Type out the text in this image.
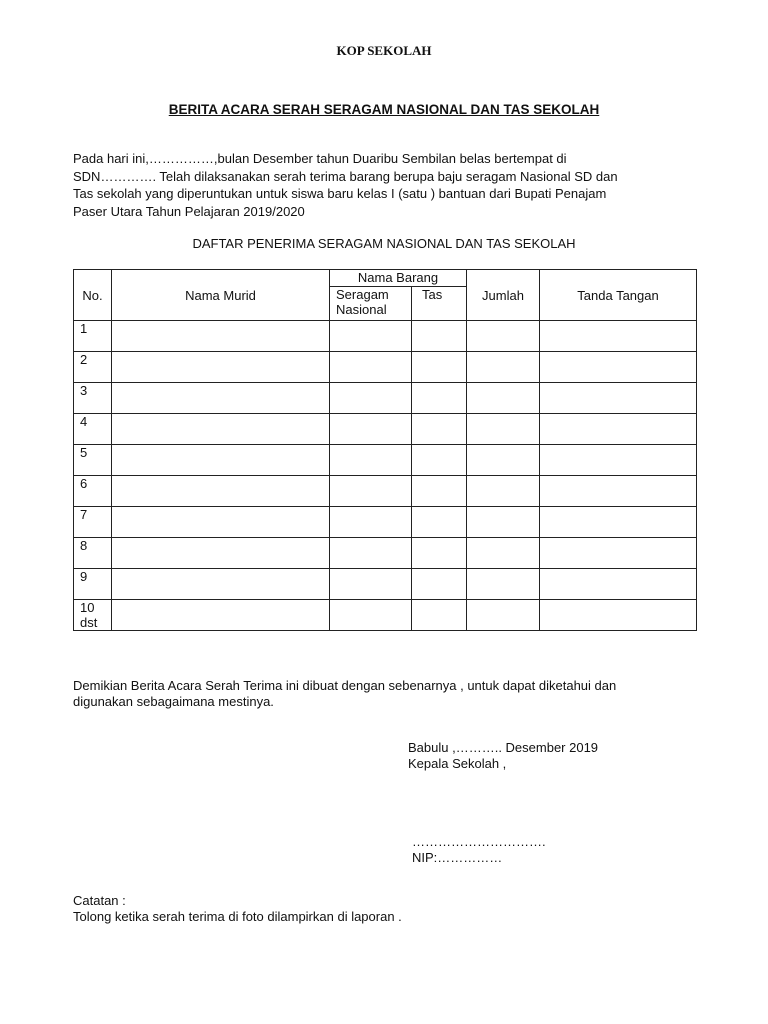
KOP SEKOLAH
BERITA ACARA SERAH SERAGAM NASIONAL DAN TAS SEKOLAH
Pada hari ini,……………,bulan Desember tahun Duaribu Sembilan belas bertempat di
SDN…………. Telah dilaksanakan serah terima barang berupa baju seragam Nasional SD dan
Tas sekolah yang diperuntukan untuk siswa baru kelas I (satu ) bantuan dari Bupati Penajam
Paser Utara Tahun Pelajaran 2019/2020
DAFTAR PENERIMA SERAGAM NASIONAL DAN TAS SEKOLAH
No.	Nama Murid	Nama Barang		Jumlah	Tanda Tangan
		Seragam
Nasional	Tas		
1					
2					
3					
4					
5					
6					
7					
8					
9					
10
dst					
Demikian Berita Acara Serah Terima ini dibuat dengan sebenarnya , untuk dapat diketahui dan
digunakan sebagaimana mestinya.
Babulu ,……….. Desember 2019
Kepala Sekolah ,
………………………….
NIP:……………
Catatan :
Tolong ketika serah terima di foto dilampirkan di laporan .
